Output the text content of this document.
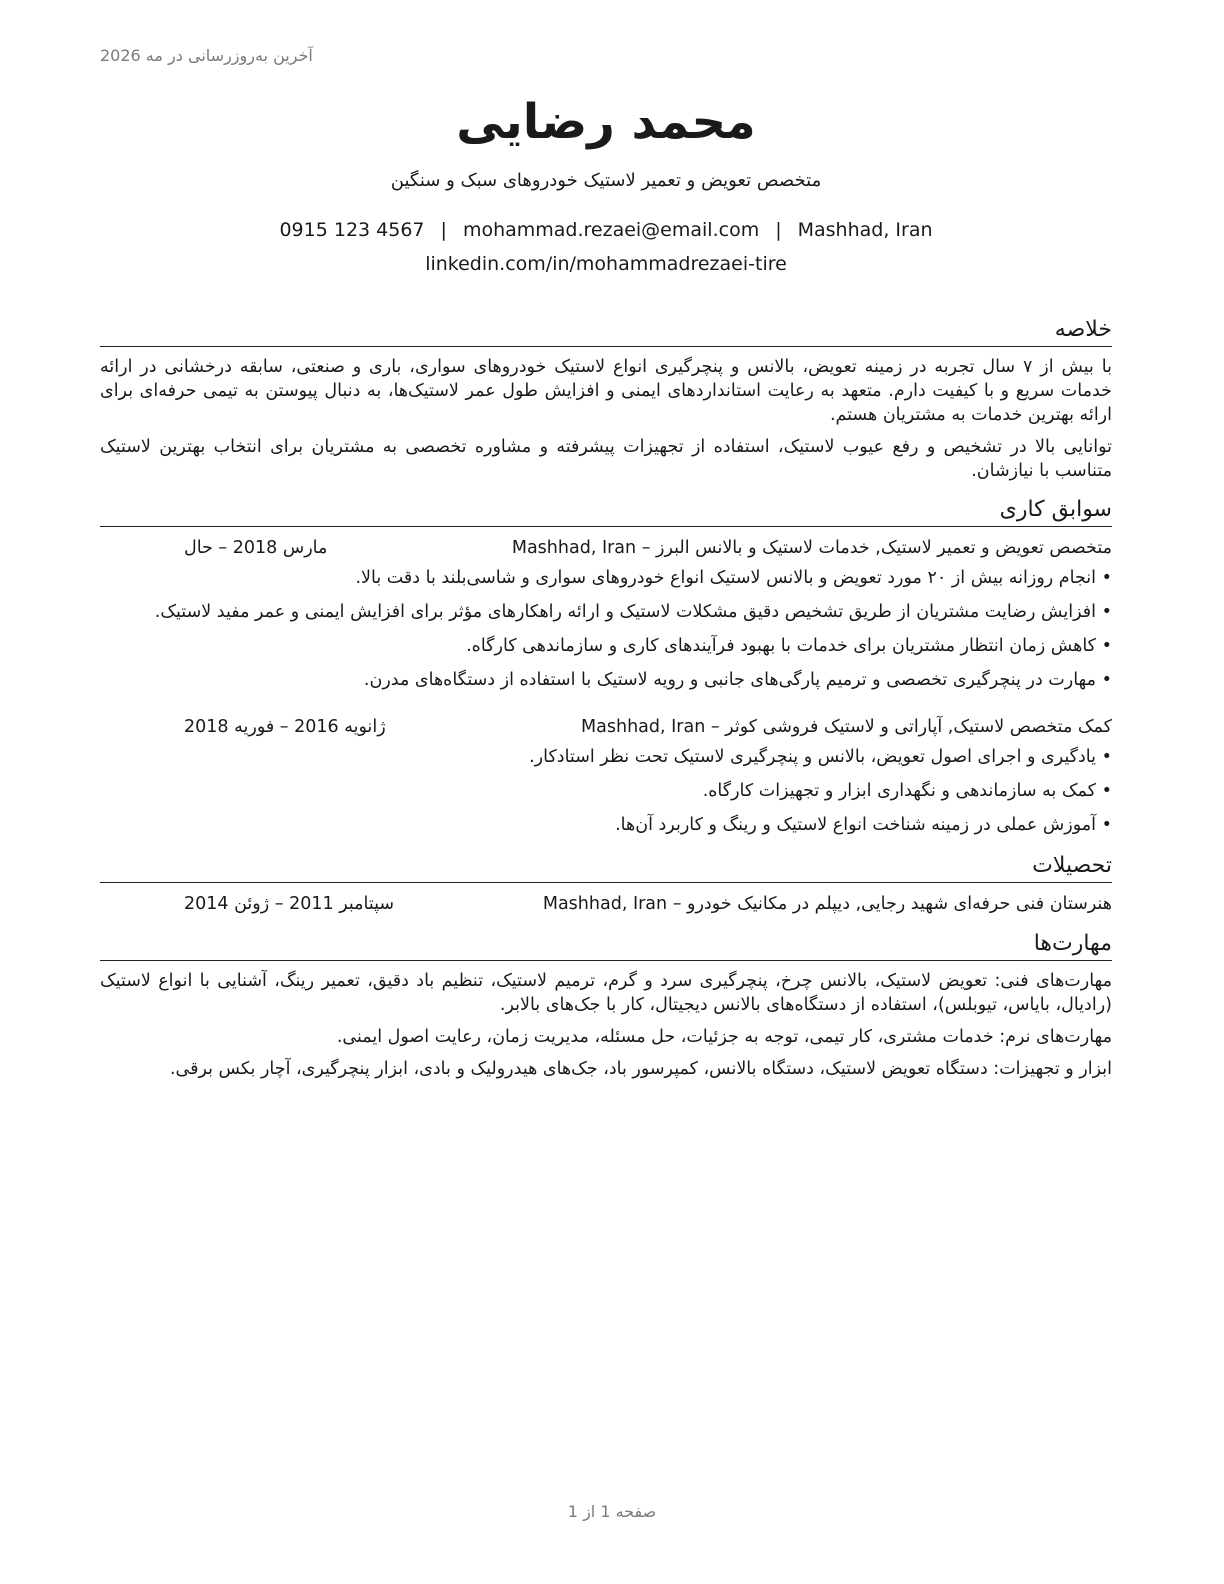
آخرین به‌روزرسانی در مه 2026
محمد رضایی
متخصص تعویض و تعمیر لاستیک خودروهای سبک و سنگین
0915 123 4567 | mohammad.rezaei@email.com | Mashhad, Iran
linkedin.com/in/mohammadrezaei-tire
خلاصه

با بیش از ۷ سال تجربه در زمینه تعویض، بالانس و پنچرگیری انواع لاستیک خودروهای سواری، باری و صنعتی، سابقه درخشانی در ارائه خدمات سریع و با کیفیت دارم. متعهد به رعایت استانداردهای ایمنی و افزایش طول عمر لاستیک‌ها، به دنبال پیوستن به تیمی حرفه‌ای برای ارائه بهترین خدمات به مشتریان هستم.

توانایی بالا در تشخیص و رفع عیوب لاستیک، استفاده از تجهیزات پیشرفته و مشاوره تخصصی به مشتریان برای انتخاب بهترین لاستیک متناسب با نیازشان.

سوابق کاری
متخصص تعویض و تعمیر لاستیک, خدمات لاستیک و بالانس البرز – Mashhad, Iran
مارس 2018 – حال
• انجام روزانه بیش از ۲۰ مورد تعویض و بالانس لاستیک انواع خودروهای سواری و شاسی‌بلند با دقت بالا.
• افزایش رضایت مشتریان از طریق تشخیص دقیق مشکلات لاستیک و ارائه راهکارهای مؤثر برای افزایش ایمنی و عمر مفید لاستیک.
• کاهش زمان انتظار مشتریان برای خدمات با بهبود فرآیندهای کاری و سازماندهی کارگاه.
• مهارت در پنچرگیری تخصصی و ترمیم پارگی‌های جانبی و رویه لاستیک با استفاده از دستگاه‌های مدرن.
کمک متخصص لاستیک, آپاراتی و لاستیک فروشی کوثر – Mashhad, Iran
ژانویه 2016 – فوریه 2018
• یادگیری و اجرای اصول تعویض، بالانس و پنچرگیری لاستیک تحت نظر استادکار.
• کمک به سازماندهی و نگهداری ابزار و تجهیزات کارگاه.
• آموزش عملی در زمینه شناخت انواع لاستیک و رینگ و کاربرد آن‌ها.
تحصیلات
هنرستان فنی حرفه‌ای شهید رجایی, دیپلم در مکانیک خودرو – Mashhad, Iran
سپتامبر 2011 – ژوئن 2014
مهارت‌ها

مهارت‌های فنی: تعویض لاستیک، بالانس چرخ، پنچرگیری سرد و گرم، ترمیم لاستیک، تنظیم باد دقیق، تعمیر رینگ، آشنایی با انواع لاستیک (رادیال، بایاس، تیوبلس)، استفاده از دستگاه‌های بالانس دیجیتال، کار با جک‌های بالابر.

مهارت‌های نرم: خدمات مشتری، کار تیمی، توجه به جزئیات، حل مسئله، مدیریت زمان، رعایت اصول ایمنی.

ابزار و تجهیزات: دستگاه تعویض لاستیک، دستگاه بالانس، کمپرسور باد، جک‌های هیدرولیک و بادی، ابزار پنچرگیری، آچار بکس برقی.

صفحه 1 از 1
